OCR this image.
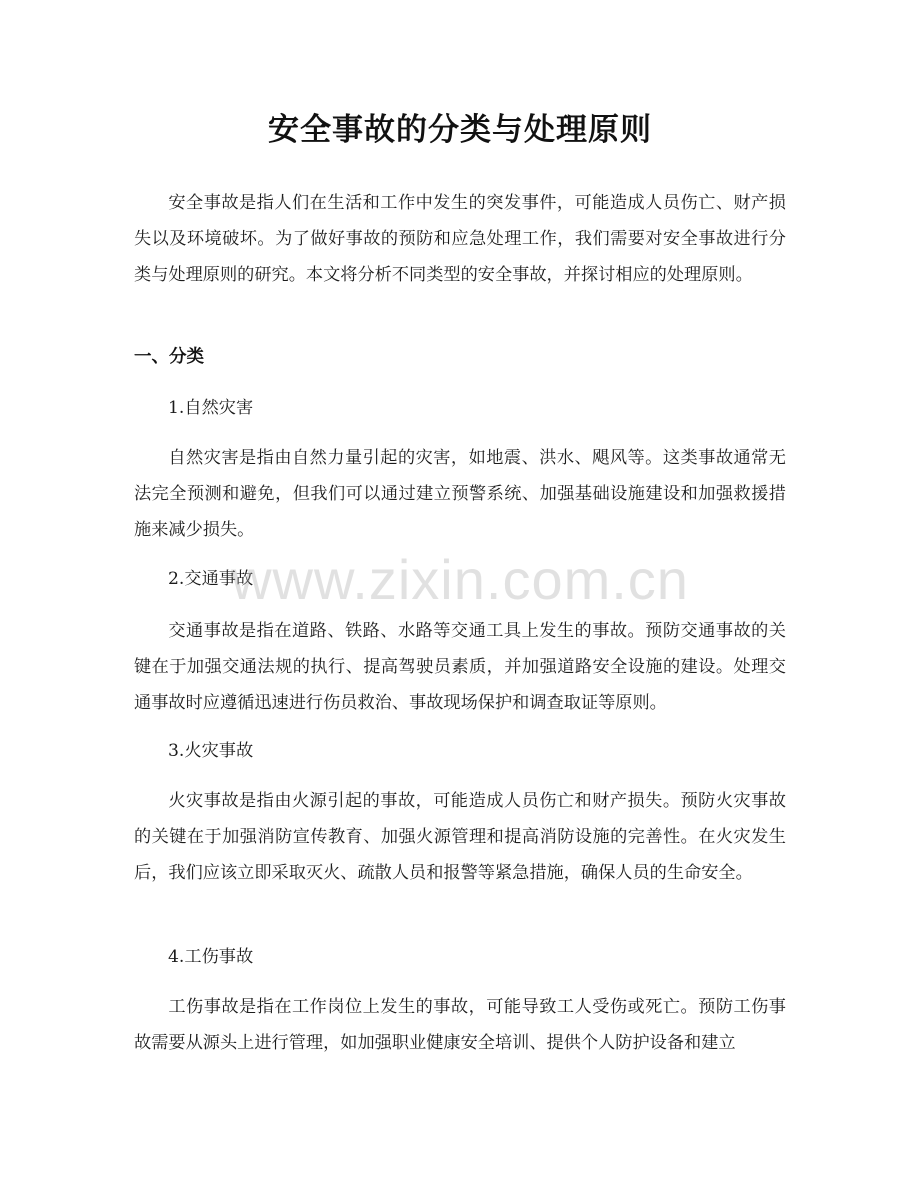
安全事故的分类与处理原则

安全事故是指人们在生活和工作中发生的突发事件，可能造成人员伤亡、财产损失以及环境破坏。为了做好事故的预防和应急处理工作，我们需要对安全事故进行分类与处理原则的研究。本文将分析不同类型的安全事故，并探讨相应的处理原则。

一、分类
1.自然灾害

自然灾害是指由自然力量引起的灾害，如地震、洪水、飓风等。这类事故通常无法完全预测和避免，但我们可以通过建立预警系统、加强基础设施建设和加强救援措施来减少损失。

2.交通事故

交通事故是指在道路、铁路、水路等交通工具上发生的事故。预防交通事故的关键在于加强交通法规的执行、提高驾驶员素质，并加强道路安全设施的建设。处理交通事故时应遵循迅速进行伤员救治、事故现场保护和调查取证等原则。

3.火灾事故

火灾事故是指由火源引起的事故，可能造成人员伤亡和财产损失。预防火灾事故的关键在于加强消防宣传教育、加强火源管理和提高消防设施的完善性。在火灾发生后，我们应该立即采取灭火、疏散人员和报警等紧急措施，确保人员的生命安全。

4.工伤事故

工伤事故是指在工作岗位上发生的事故，可能导致工人受伤或死亡。预防工伤事故需要从源头上进行管理，如加强职业健康安全培训、提供个人防护设备和建立

www.zixin.com.cn
